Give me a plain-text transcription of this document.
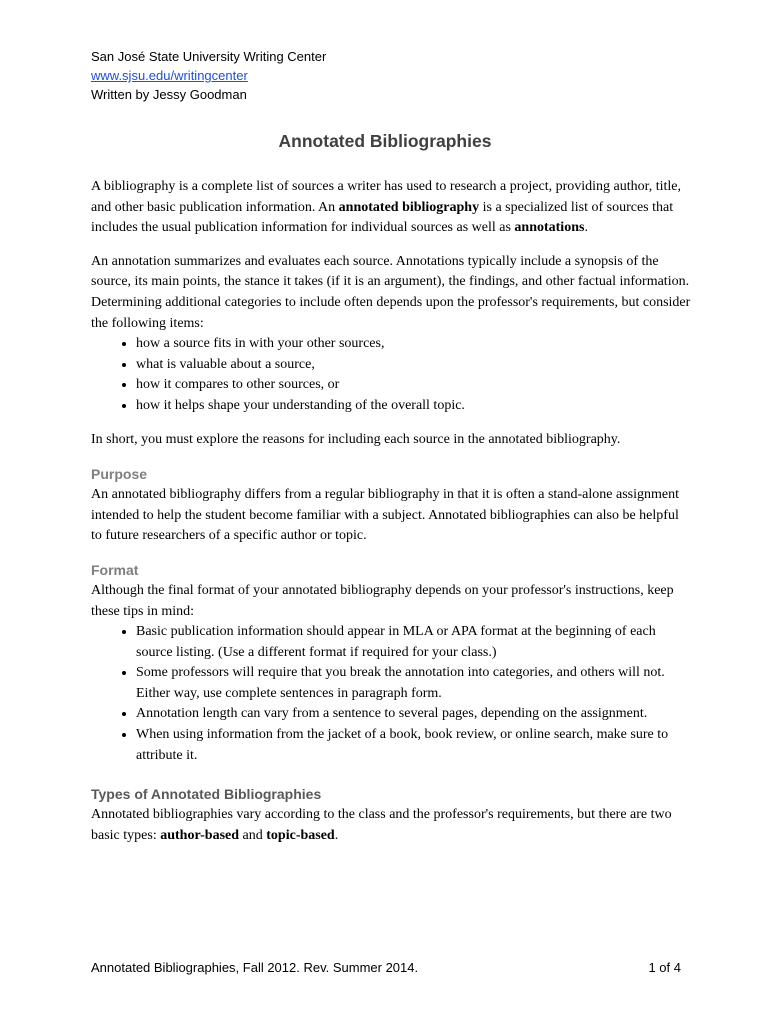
San José State University Writing Center
www.sjsu.edu/writingcenter
Written by Jessy Goodman
Annotated Bibliographies

A bibliography is a complete list of sources a writer has used to research a project, providing author, title, and other basic publication information. An annotated bibliography is a specialized list of sources that includes the usual publication information for individual sources as well as annotations.

An annotation summarizes and evaluates each source. Annotations typically include a synopsis of the source, its main points, the stance it takes (if it is an argument), the findings, and other factual information. Determining additional categories to include often depends upon the professor's requirements, but consider the following items:

• how a source fits in with your other sources,
• what is valuable about a source,
• how it compares to other sources, or
• how it helps shape your understanding of the overall topic.

In short, you must explore the reasons for including each source in the annotated bibliography.

Purpose

An annotated bibliography differs from a regular bibliography in that it is often a stand-alone assignment intended to help the student become familiar with a subject. Annotated bibliographies can also be helpful to future researchers of a specific author or topic.

Format

Although the final format of your annotated bibliography depends on your professor's instructions, keep these tips in mind:

• Basic publication information should appear in MLA or APA format at the beginning of each source listing. (Use a different format if required for your class.)
• Some professors will require that you break the annotation into categories, and others will not. Either way, use complete sentences in paragraph form.
• Annotation length can vary from a sentence to several pages, depending on the assignment.
• When using information from the jacket of a book, book review, or online search, make sure to attribute it.
Types of Annotated Bibliographies

Annotated bibliographies vary according to the class and the professor's requirements, but there are two basic types: author-based and topic-based.

Annotated Bibliographies, Fall 2012. Rev. Summer 2014.	1 of 4
